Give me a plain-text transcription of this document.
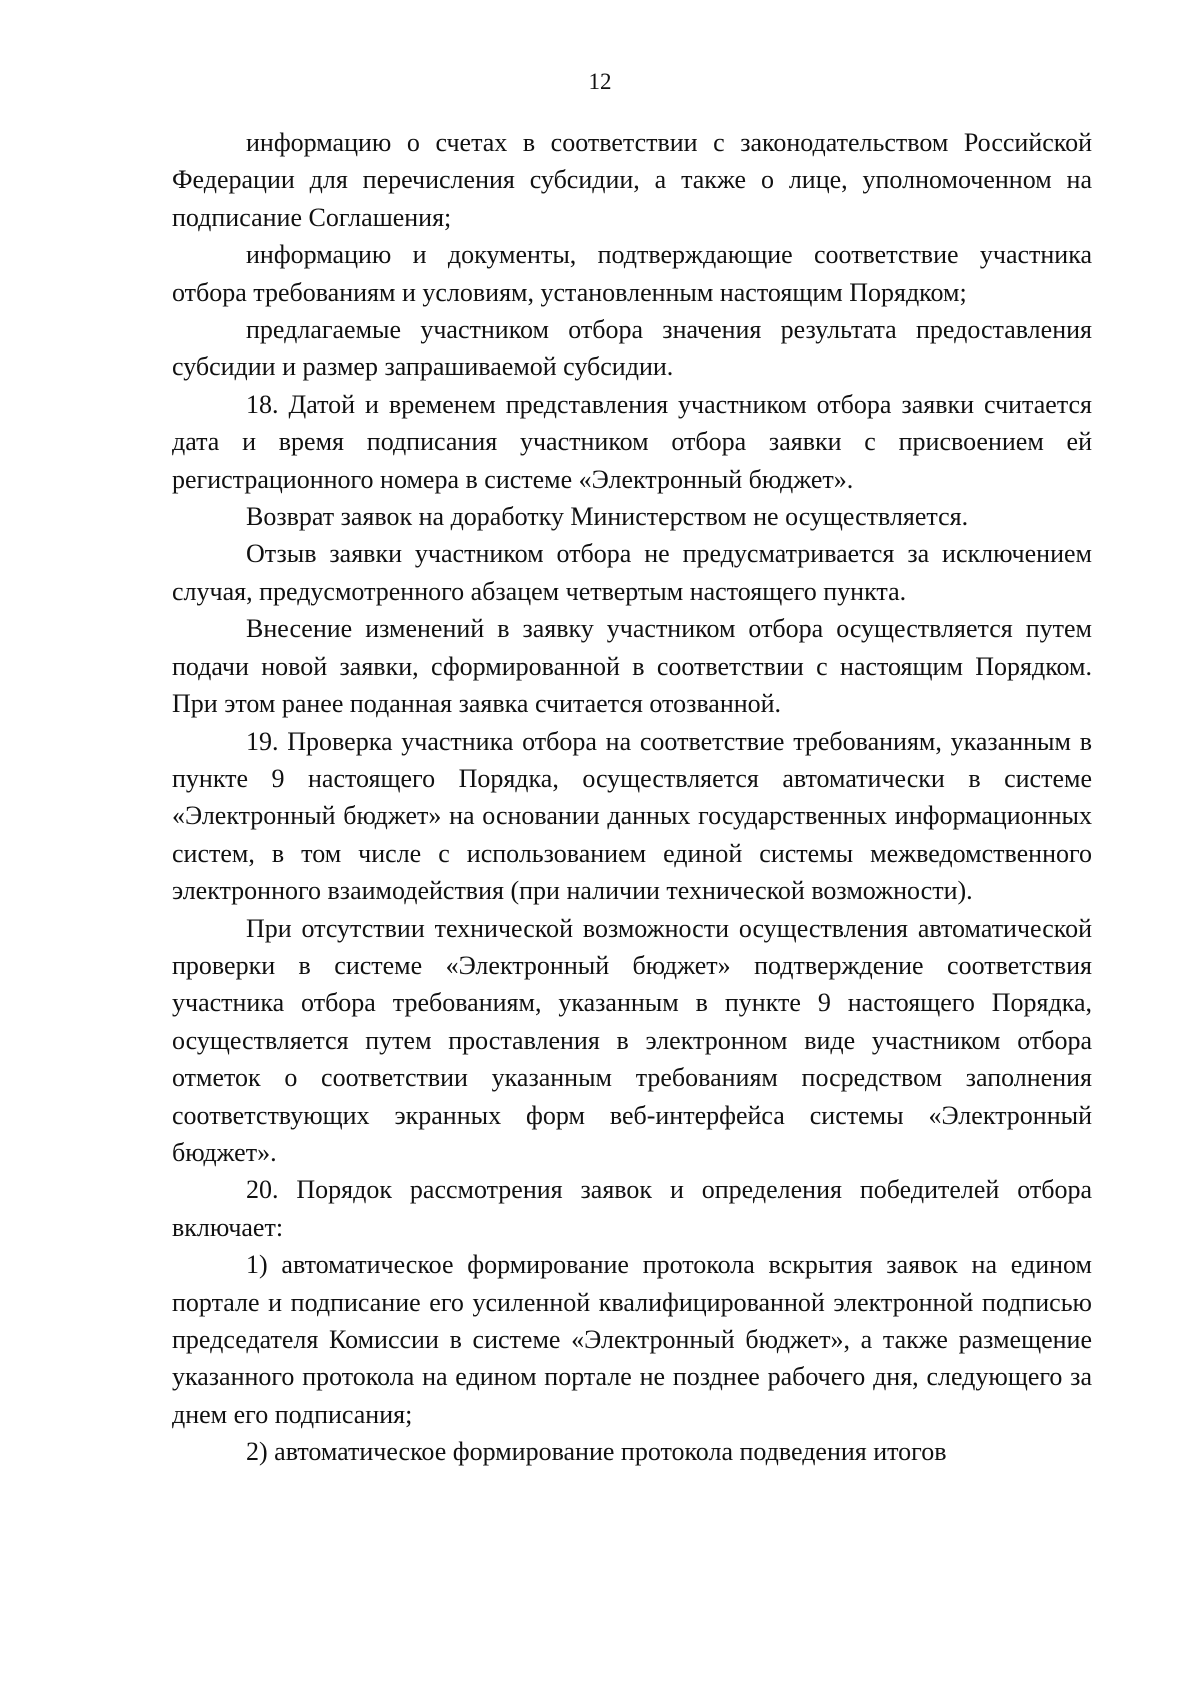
12

информацию о счетах в соответствии с законодательством Российской Федерации для перечисления субсидии, а также о лице, уполномоченном на подписание Соглашения;

информацию и документы, подтверждающие соответствие участника отбора требованиям и условиям, установленным настоящим Порядком;

предлагаемые участником отбора значения результата предоставления субсидии и размер запрашиваемой субсидии.

18. Датой и временем представления участником отбора заявки считается дата и время подписания участником отбора заявки с присвоением ей регистрационного номера в системе «Электронный бюджет».

Возврат заявок на доработку Министерством не осуществляется.

Отзыв заявки участником отбора не предусматривается за исключением случая, предусмотренного абзацем четвертым настоящего пункта.

Внесение изменений в заявку участником отбора осуществляется путем подачи новой заявки, сформированной в соответствии с настоящим Порядком. При этом ранее поданная заявка считается отозванной.

19. Проверка участника отбора на соответствие требованиям, указанным в пункте 9 настоящего Порядка, осуществляется автоматически в системе «Электронный бюджет» на основании данных государственных информационных систем, в том числе с использованием единой системы межведомственного электронного взаимодействия (при наличии технической возможности).

При отсутствии технической возможности осуществления автоматической проверки в системе «Электронный бюджет» подтверждение соответствия участника отбора требованиям, указанным в пункте 9 настоящего Порядка, осуществляется путем проставления в электронном виде участником отбора отметок о соответствии указанным требованиям посредством заполнения соответствующих экранных форм веб-интерфейса системы «Электронный бюджет».

20. Порядок рассмотрения заявок и определения победителей отбора включает:

1) автоматическое формирование протокола вскрытия заявок на едином портале и подписание его усиленной квалифицированной электронной подписью председателя Комиссии в системе «Электронный бюджет», а также размещение указанного протокола на едином портале не позднее рабочего дня, следующего за днем его подписания;

2) автоматическое формирование протокола подведения итогов
